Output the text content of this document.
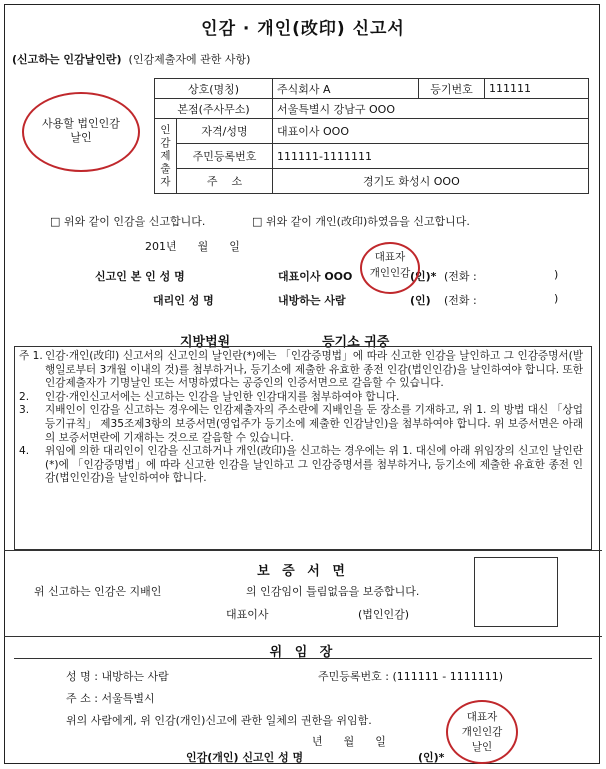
인감 · 개인(改印) 신고서
(신고하는 인감날인란) (인감제출자에 관한 사항)
사용할 법인인감
날인
상호(명칭)		주식회사 A	등기번호	111111
본점(주사무소)		서울특별시 강남구 OOO		
인
감
제
출
자	자격/성명	대표이사 OOO		
	주민등록번호	111111-1111111		
	주    소	경기도 화성시 OOO		
□ 위와 같이 인감을 신고합니다.	□ 위와 같이 개인(改印)하였음을 신고합니다.
201년      월      일
신고인 본 인 성 명	대표이사 OOO	(인)* (전화 :	)
대리인 성 명	내방하는 사람	(인) (전화 :	)
대표자
개인인감
지방법원	등기소 귀중
주 1. 인감·개인(改印) 신고서의 신고인의 날인란(*)에는 「인감증명법」에 따라 신고한 인감을 날인하고 그 인감증명서(발행일로부터 3개월 이내의 것)를 첨부하거나, 등기소에 제출한 유효한 종전 인감(법인인감)을 날인하여야 합니다. 또한 인감제출자가 기명날인 또는 서명하였다는 공증인의 인증서면으로 갈음할 수 있습니다.
2.	인감·개인신고서에는 신고하는 인감을 날인한 인감대지를 첨부하여야 합니다.
3.	지배인이 인감을 신고하는 경우에는 인감제출자의 주소란에 지배인을 둔 장소를 기재하고, 위 1. 의 방법 대신 「상업등기규칙」 제35조제3항의 보증서면(영업주가 등기소에 제출한 인감날인)을 첨부하여야 합니다. 위 보증서면은 아래의 보증서면란에 기재하는 것으로 갈음할 수 있습니다.
4.	위임에 의한 대리인이 인감을 신고하거나 개인(改印)을 신고하는 경우에는 위 1. 대신에 아래 위임장의 신고인 날인란(*)에 「인감증명법」에 따라 신고한 인감을 날인하고 그 인감증명서를 첨부하거나, 등기소에 제출한 유효한 종전 인감(법인인감)을 날인하여야 합니다.
보 증 서 면
위 신고하는 인감은 지배인	의 인감임이 틀림없음을 보증합니다.
대표이사	(법인인감)
위 임 장
성 명 : 내방하는 사람	주민등록번호 : (111111 - 1111111)
주 소 : 서울특별시
위의 사람에게, 위 인감(개인)신고에 관한 일체의 권한을 위임함.
년      월      일
인감(개인) 신고인 성 명	(인)*
대표자
개인인감
날인
